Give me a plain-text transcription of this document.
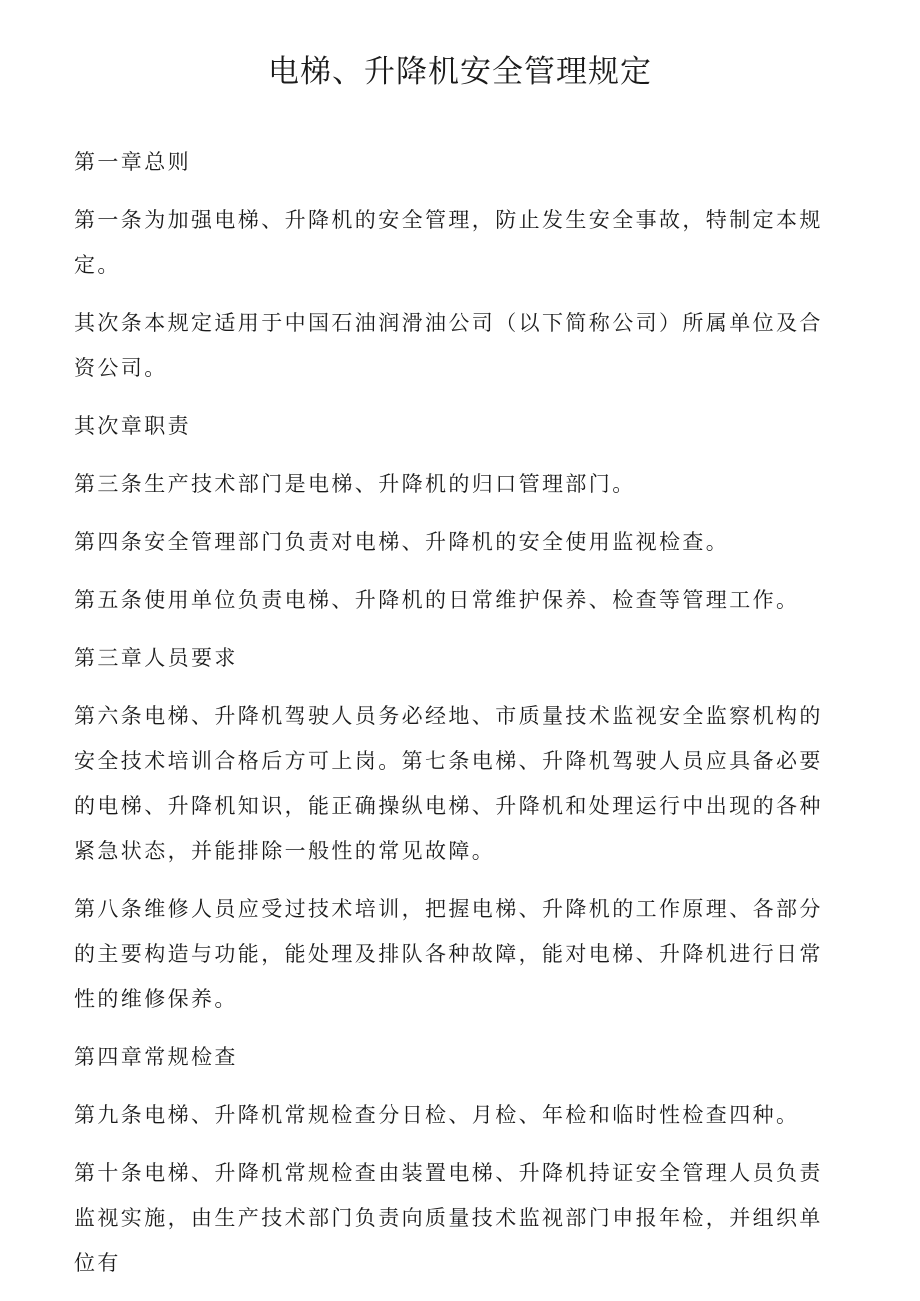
电梯、升降机安全管理规定

第一章总则

第一条为加强电梯、升降机的安全管理，防止发生安全事故，特制定本规定。

其次条本规定适用于中国石油润滑油公司（以下简称公司）所属单位及合资公司。

其次章职责

第三条生产技术部门是电梯、升降机的归口管理部门。

第四条安全管理部门负责对电梯、升降机的安全使用监视检查。

第五条使用单位负责电梯、升降机的日常维护保养、检查等管理工作。

第三章人员要求

第六条电梯、升降机驾驶人员务必经地、市质量技术监视安全监察机构的安全技术培训合格后方可上岗。第七条电梯、升降机驾驶人员应具备必要的电梯、升降机知识，能正确操纵电梯、升降机和处理运行中出现的各种紧急状态，并能排除一般性的常见故障。

第八条维修人员应受过技术培训，把握电梯、升降机的工作原理、各部分的主要构造与功能，能处理及排队各种故障，能对电梯、升降机进行日常性的维修保养。

第四章常规检查

第九条电梯、升降机常规检查分日检、月检、年检和临时性检查四种。

第十条电梯、升降机常规检查由装置电梯、升降机持证安全管理人员负责监视实施，由生产技术部门负责向质量技术监视部门申报年检，并组织单位有
